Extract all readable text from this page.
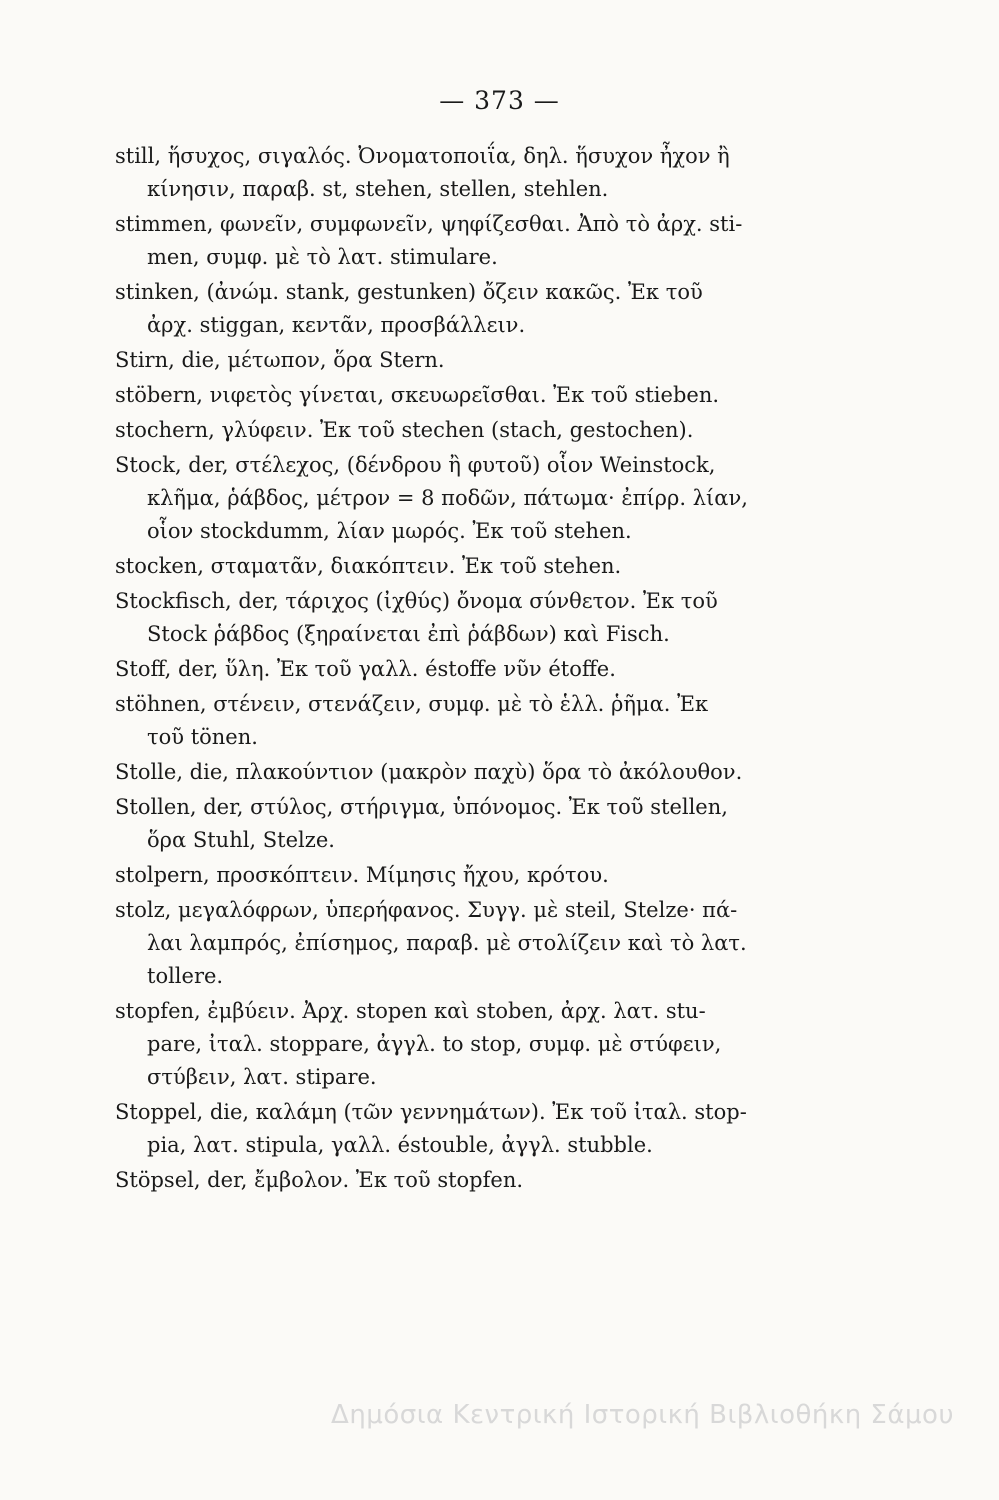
— 373 —
still, ἥσυχος, σιγαλός. Ὀνοματοποιΐα, δηλ. ἥσυχον ἦχον ἢ
κίνησιν, παραβ. st, stehen, stellen, stehlen.
stimmen, φωνεῖν, συμφωνεῖν, ψηφίζεσθαι. Ἀπὸ τὸ ἀρχ. sti-
men, συμφ. μὲ τὸ λατ. stimulare.
stinken, (ἀνώμ. stank, gestunken) ὄζειν κακῶς. Ἐκ τοῦ
ἀρχ. stiggan, κεντᾶν, προσβάλλειν.
Stirn, die, μέτωπον, ὅρα Stern.
stöbern, νιφετὸς γίνεται, σκευωρεῖσθαι. Ἐκ τοῦ stieben.
stochern, γλύφειν. Ἐκ τοῦ stechen (stach, gestochen).
Stock, der, στέλεχος, (δένδρου ἢ φυτοῦ) οἷον Weinstock,
κλῆμα, ῥάβδος, μέτρον = 8 ποδῶν, πάτωμα· ἐπίρρ. λίαν,
οἷον stockdumm, λίαν μωρός. Ἐκ τοῦ stehen.
stocken, σταματᾶν, διακόπτειν. Ἐκ τοῦ stehen.
Stockfisch, der, τάριχος (ἰχθύς) ὄνομα σύνθετον. Ἐκ τοῦ
Stock ῥάβδος (ξηραίνεται ἐπὶ ῥάβδων) καὶ Fisch.
Stoff, der, ὕλη. Ἐκ τοῦ γαλλ. éstoffe νῦν étoffe.
stöhnen, στένειν, στενάζειν, συμφ. μὲ τὸ ἑλλ. ῥῆμα. Ἐκ
τοῦ tönen.
Stolle, die, πλακούντιον (μακρὸν παχὺ) ὅρα τὸ ἀκόλουθον.
Stollen, der, στύλος, στήριγμα, ὑπόνομος. Ἐκ τοῦ stellen,
ὅρα Stuhl, Stelze.
stolpern, προσκόπτειν. Μίμησις ἤχου, κρότου.
stolz, μεγαλόφρων, ὑπερήφανος. Συγγ. μὲ steil, Stelze· πά-
λαι λαμπρός, ἐπίσημος, παραβ. μὲ στολίζειν καὶ τὸ λατ.
tollere.
stopfen, ἐμβύειν. Ἀρχ. stopen καὶ stoben, ἀρχ. λατ. stu-
pare, ἰταλ. stoppare, ἀγγλ. to stop, συμφ. μὲ στύφειν,
στύβειν, λατ. stipare.
Stoppel, die, καλάμη (τῶν γεννημάτων). Ἐκ τοῦ ἰταλ. stop-
pia, λατ. stipula, γαλλ. éstouble, ἀγγλ. stubble.
Stöpsel, der, ἔμβολον. Ἐκ τοῦ stopfen.
Δημόσια Κεντρική Ιστορική Βιβλιοθήκη Σάμου
